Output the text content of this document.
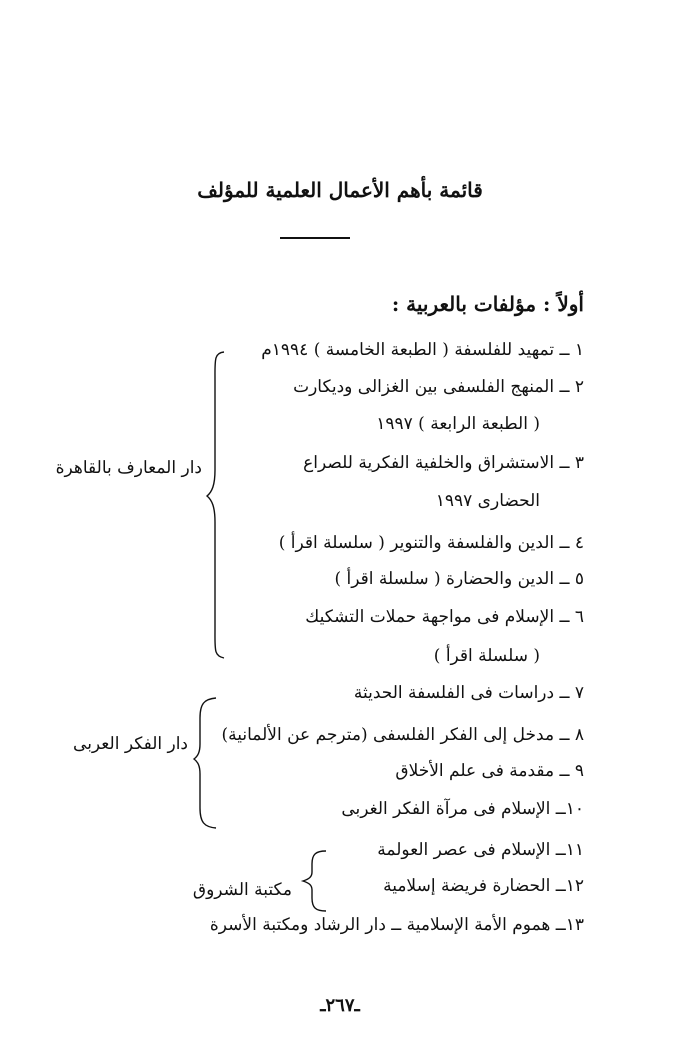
قائمة بأهم الأعمال العلمية للمؤلف
أولاً : مؤلفات بالعربية :
١ ــ تمهيد للفلسفة ( الطبعة الخامسة ) ١٩٩٤م
٢ ــ المنهج الفلسفى بين الغزالى وديكارت
( الطبعة الرابعة ) ١٩٩٧
٣ ــ الاستشراق والخلفية الفكرية للصراع
الحضارى ١٩٩٧
٤ ــ الدين والفلسفة والتنوير ( سلسلة اقرأ )
٥ ــ الدين والحضارة ( سلسلة اقرأ )
٦ ــ الإسلام فى مواجهة حملات التشكيك
( سلسلة اقرأ )
٧ ــ دراسات فى الفلسفة الحديثة
٨ ــ مدخل إلى الفكر الفلسفى (مترجم عن الألمانية)
٩ ــ مقدمة فى علم الأخلاق
١٠ــ الإسلام فى مرآة الفكر الغربى
١١ــ الإسلام فى عصر العولمة
١٢ــ الحضارة فريضة إسلامية
١٣ــ هموم الأمة الإسلامية ــ دار الرشاد ومكتبة الأسرة
دار المعارف بالقاهرة
دار الفكر العربى
مكتبة الشروق
ـ٢٦٧ـ
